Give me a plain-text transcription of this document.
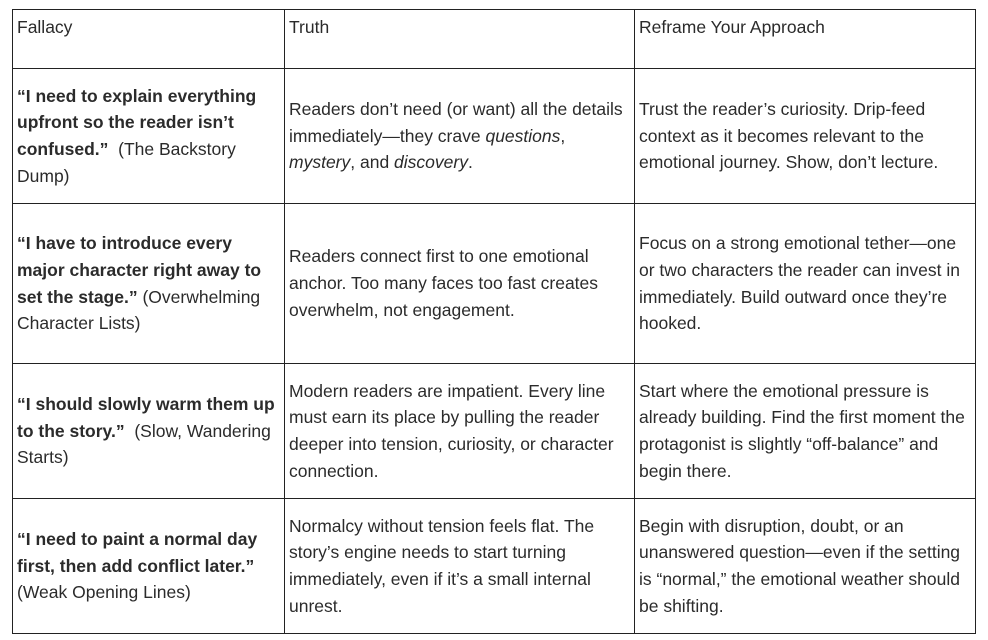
Fallacy	Truth	Reframe Your Approach
“I need to explain everything upfront so the reader isn’t confused.” (The Backstory Dump)	Readers don’t need (or want) all the details immediately—they crave questions, mystery, and discovery.	Trust the reader’s curiosity. Drip-feed context as it becomes relevant to the emotional journey. Show, don’t lecture.
“I have to introduce every major character right away to set the stage.” (Overwhelming Character Lists)	Readers connect first to one emotional anchor. Too many faces too fast creates overwhelm, not engagement.	Focus on a strong emotional tether—one or two characters the reader can invest in immediately. Build outward once they’re hooked.
“I should slowly warm them up to the story.” (Slow, Wandering Starts)	Modern readers are impatient. Every line must earn its place by pulling the reader deeper into tension, curiosity, or character connection.	Start where the emotional pressure is already building. Find the first moment the protagonist is slightly “off-balance” and begin there.
“I need to paint a normal day first, then add conflict later.” (Weak Opening Lines)	Normalcy without tension feels flat. The story’s engine needs to start turning immediately, even if it’s a small internal unrest.	Begin with disruption, doubt, or an unanswered question—even if the setting is “normal,” the emotional weather should be shifting.
